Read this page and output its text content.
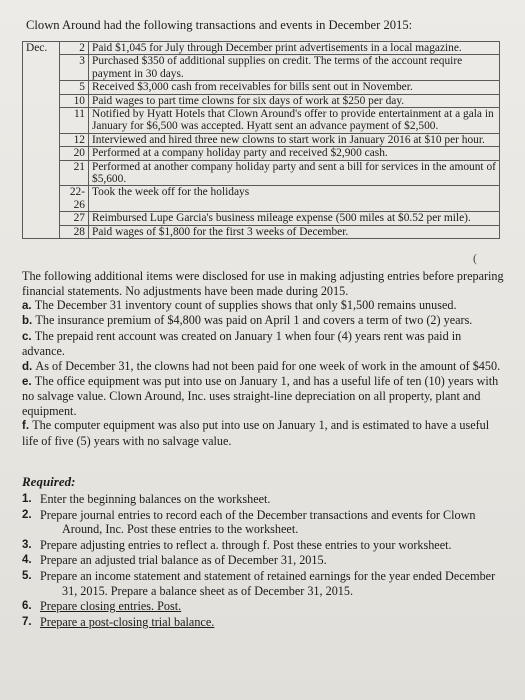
Clown Around had the following transactions and events in December 2015:
Dec.	2	Paid $1,045 for July through December print advertisements in a local magazine.
	3	Purchased $350 of additional supplies on credit. The terms of the account require payment in 30 days.
	5	Received $3,000 cash from receivables for bills sent out in November.
	10	Paid wages to part time clowns for six days of work at $250 per day.
	11	Notified by Hyatt Hotels that Clown Around's offer to provide entertainment at a gala in January for $6,500 was accepted. Hyatt sent an advance payment of $2,500.
	12	Interviewed and hired three new clowns to start work in January 2016 at $10 per hour.
	20	Performed at a company holiday party and received $2,900 cash.
	21	Performed at another company holiday party and sent a bill for services in the amount of $5,600.
	22-26	Took the week off for the holidays
	27	Reimbursed Lupe Garcia's business mileage expense (500 miles at $0.52 per mile).
	28	Paid wages of $1,800 for the first 3 weeks of December.
(

The following additional items were disclosed for use in making adjusting entries before preparing financial statements. No adjustments have been made during 2015.

a. The December 31 inventory count of supplies shows that only $1,500 remains unused.

b. The insurance premium of $4,800 was paid on April 1 and covers a term of two (2) years.

c. The prepaid rent account was created on January 1 when four (4) years rent was paid in advance.

d. As of December 31, the clowns had not been paid for one week of work in the amount of $450.

e. The office equipment was put into use on January 1, and has a useful life of ten (10) years with no salvage value. Clown Around, Inc. uses straight-line depreciation on all property, plant and equipment.

f. The computer equipment was also put into use on January 1, and is estimated to have a useful life of five (5) years with no salvage value.

Required:
1. Enter the beginning balances on the worksheet.
2. Prepare journal entries to record each of the December transactions and events for Clown
Around, Inc. Post these entries to the worksheet.
3. Prepare adjusting entries to reflect a. through f. Post these entries to your worksheet.
4. Prepare an adjusted trial balance as of December 31, 2015.
5. Prepare an income statement and statement of retained earnings for the year ended December
31, 2015. Prepare a balance sheet as of December 31, 2015.
6. Prepare closing entries. Post.
7. Prepare a post-closing trial balance.
